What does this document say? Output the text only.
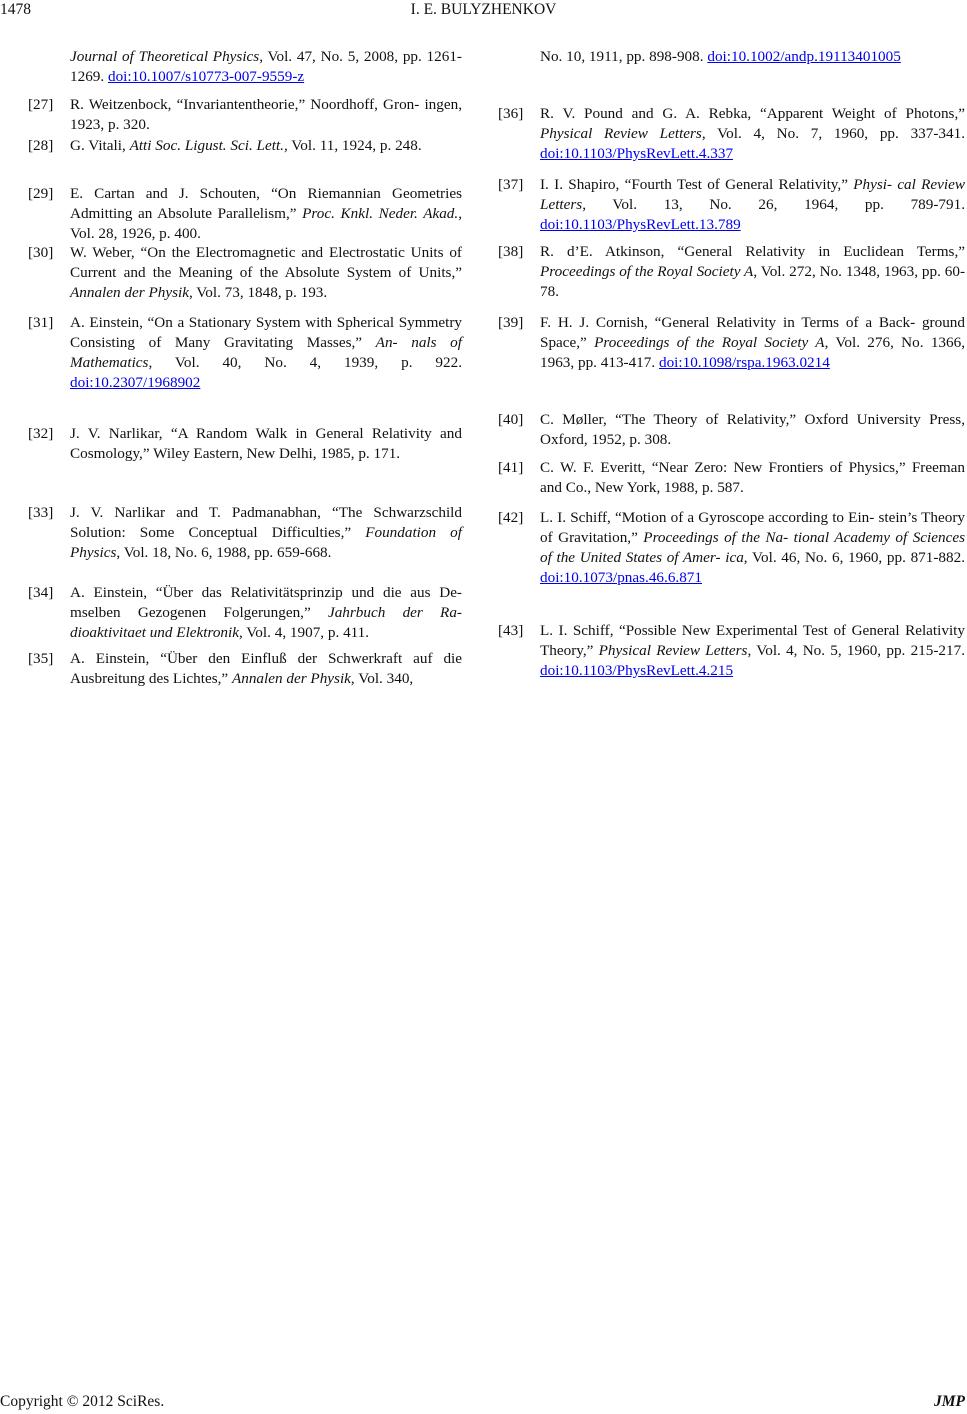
1478	I. E. BULYZHENKOV
Journal of Theoretical Physics, Vol. 47, No. 5, 2008, pp. 1261-1269. doi:10.1007/s10773-007-9559-z
[27] R. Weitzenbock, “Invariantentheorie,” Noordhoff, Gron- ingen, 1923, p. 320.
[28] G. Vitali, Atti Soc. Ligust. Sci. Lett., Vol. 11, 1924, p. 248.
[29] E. Cartan and J. Schouten, “On Riemannian Geometries Admitting an Absolute Parallelism,” Proc. Knkl. Neder. Akad., Vol. 28, 1926, p. 400.
[30] W. Weber, “On the Electromagnetic and Electrostatic Units of Current and the Meaning of the Absolute System of Units,” Annalen der Physik, Vol. 73, 1848, p. 193.
[31] A. Einstein, “On a Stationary System with Spherical Symmetry Consisting of Many Gravitating Masses,” An- nals of Mathematics, Vol. 40, No. 4, 1939, p. 922. doi:10.2307/1968902
[32] J. V. Narlikar, “A Random Walk in General Relativity and Cosmology,” Wiley Eastern, New Delhi, 1985, p. 171.
[33] J. V. Narlikar and T. Padmanabhan, “The Schwarzschild Solution: Some Conceptual Difficulties,” Foundation of Physics, Vol. 18, No. 6, 1988, pp. 659-668.
[34] A. Einstein, “Über das Relativitätsprinzip und die aus De- mselben Gezogenen Folgerungen,” Jahrbuch der Ra- dioaktivitaet und Elektronik, Vol. 4, 1907, p. 411.
[35] A. Einstein, “Über den Einfluß der Schwerkraft auf die Ausbreitung des Lichtes,” Annalen der Physik, Vol. 340,
No. 10, 1911, pp. 898-908. doi:10.1002/andp.19113401005
[36] R. V. Pound and G. A. Rebka, “Apparent Weight of Photons,” Physical Review Letters, Vol. 4, No. 7, 1960, pp. 337-341. doi:10.1103/PhysRevLett.4.337
[37] I. I. Shapiro, “Fourth Test of General Relativity,” Physi- cal Review Letters, Vol. 13, No. 26, 1964, pp. 789-791. doi:10.1103/PhysRevLett.13.789
[38] R. d’E. Atkinson, “General Relativity in Euclidean Terms,” Proceedings of the Royal Society A, Vol. 272, No. 1348, 1963, pp. 60-78.
[39] F. H. J. Cornish, “General Relativity in Terms of a Back- ground Space,” Proceedings of the Royal Society A, Vol. 276, No. 1366, 1963, pp. 413-417. doi:10.1098/rspa.1963.0214
[40] C. Møller, “The Theory of Relativity,” Oxford University Press, Oxford, 1952, p. 308.
[41] C. W. F. Everitt, “Near Zero: New Frontiers of Physics,” Freeman and Co., New York, 1988, p. 587.
[42] L. I. Schiff, “Motion of a Gyroscope according to Ein- stein’s Theory of Gravitation,” Proceedings of the Na- tional Academy of Sciences of the United States of Amer- ica, Vol. 46, No. 6, 1960, pp. 871-882. doi:10.1073/pnas.46.6.871
[43] L. I. Schiff, “Possible New Experimental Test of General Relativity Theory,” Physical Review Letters, Vol. 4, No. 5, 1960, pp. 215-217. doi:10.1103/PhysRevLett.4.215
Copyright © 2012 SciRes.	JMP
